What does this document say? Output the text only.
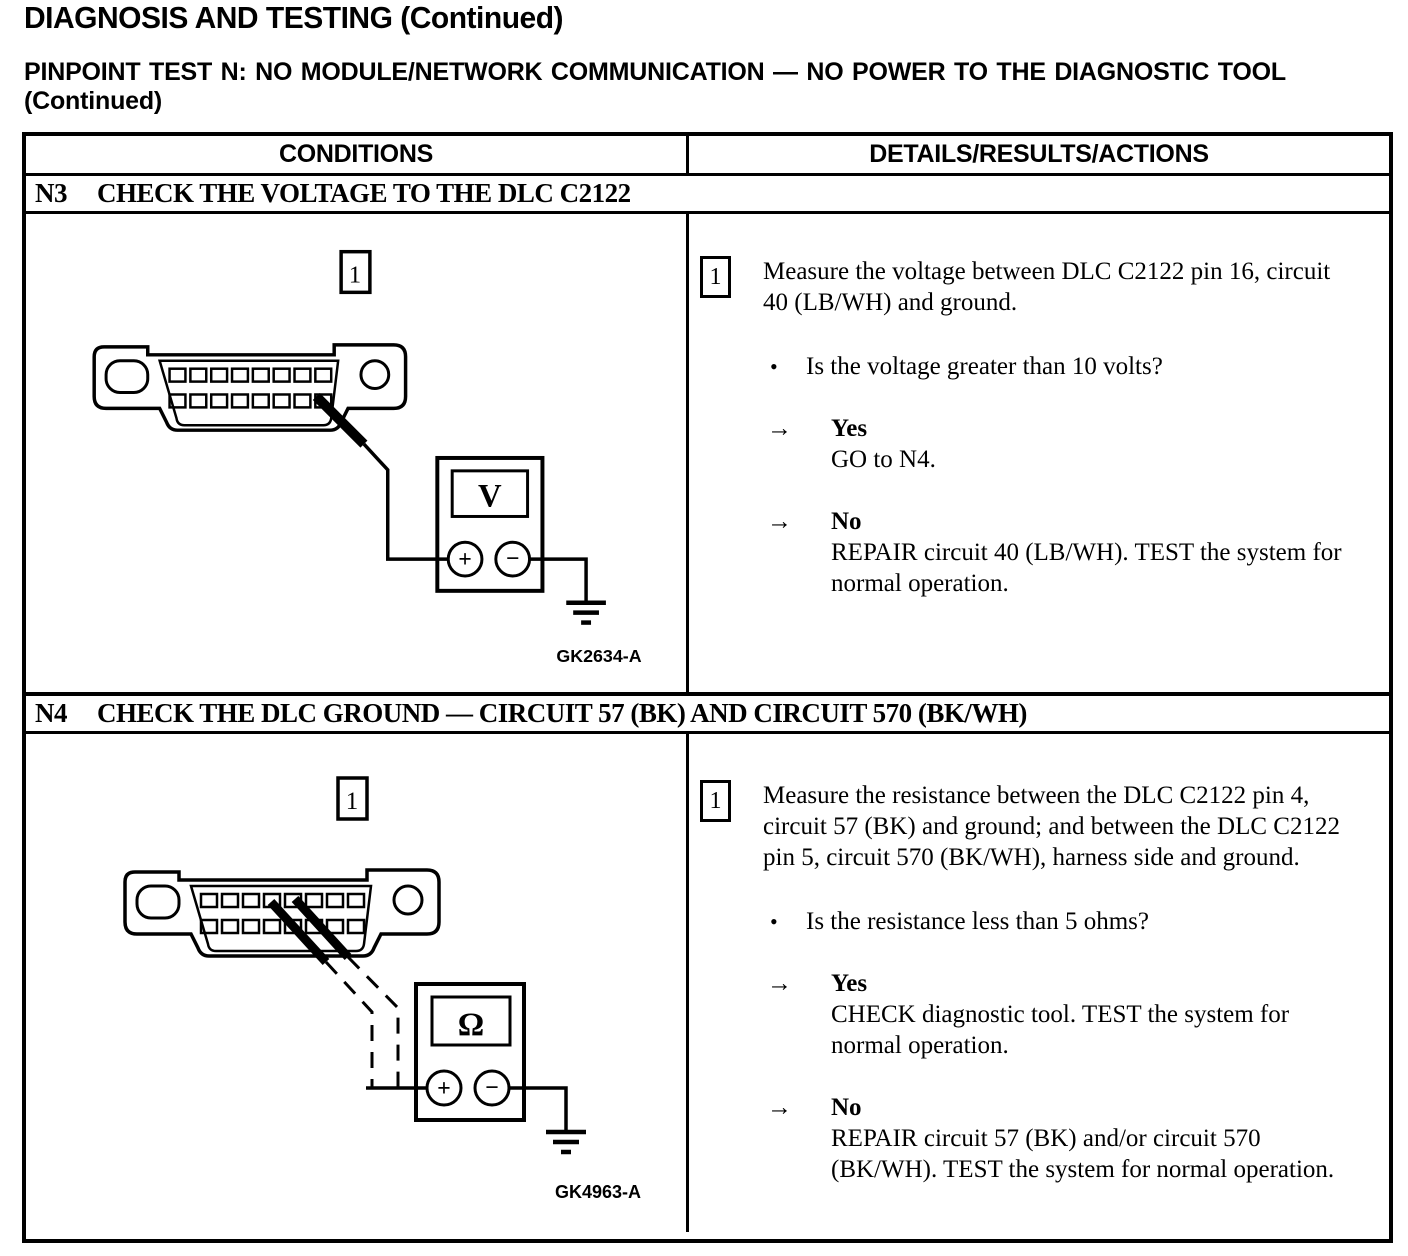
DIAGNOSIS AND TESTING (Continued)
PINPOINT TEST N: NO MODULE/NETWORK COMMUNICATION — NO POWER TO THE DIAGNOSTIC TOOL (Continued)
CONDITIONS	DETAILS/RESULTS/ACTIONS
N3	CHECK THE VOLTAGE TO THE DLC C2122
1
V
+ −
GK2634-A
1	Measure the voltage between DLC C2122 pin 16, circuit 40 (LB/WH) and ground.

•	Is the voltage greater than 10 volts?

→	Yes

GO to N4.

→	No

REPAIR circuit 40 (LB/WH). TEST the system for normal operation.

N4	CHECK THE DLC GROUND — CIRCUIT 57 (BK) AND CIRCUIT 570 (BK/WH)
1
Ω
+ −
GK4963-A
1	Measure the resistance between the DLC C2122 pin 4, circuit 57 (BK) and ground; and between the DLC C2122 pin 5, circuit 570 (BK/WH), harness side and ground.

•	Is the resistance less than 5 ohms?

→	Yes

CHECK diagnostic tool. TEST the system for normal operation.

→	No

REPAIR circuit 57 (BK) and/or circuit 570 (BK/WH). TEST the system for normal operation.
